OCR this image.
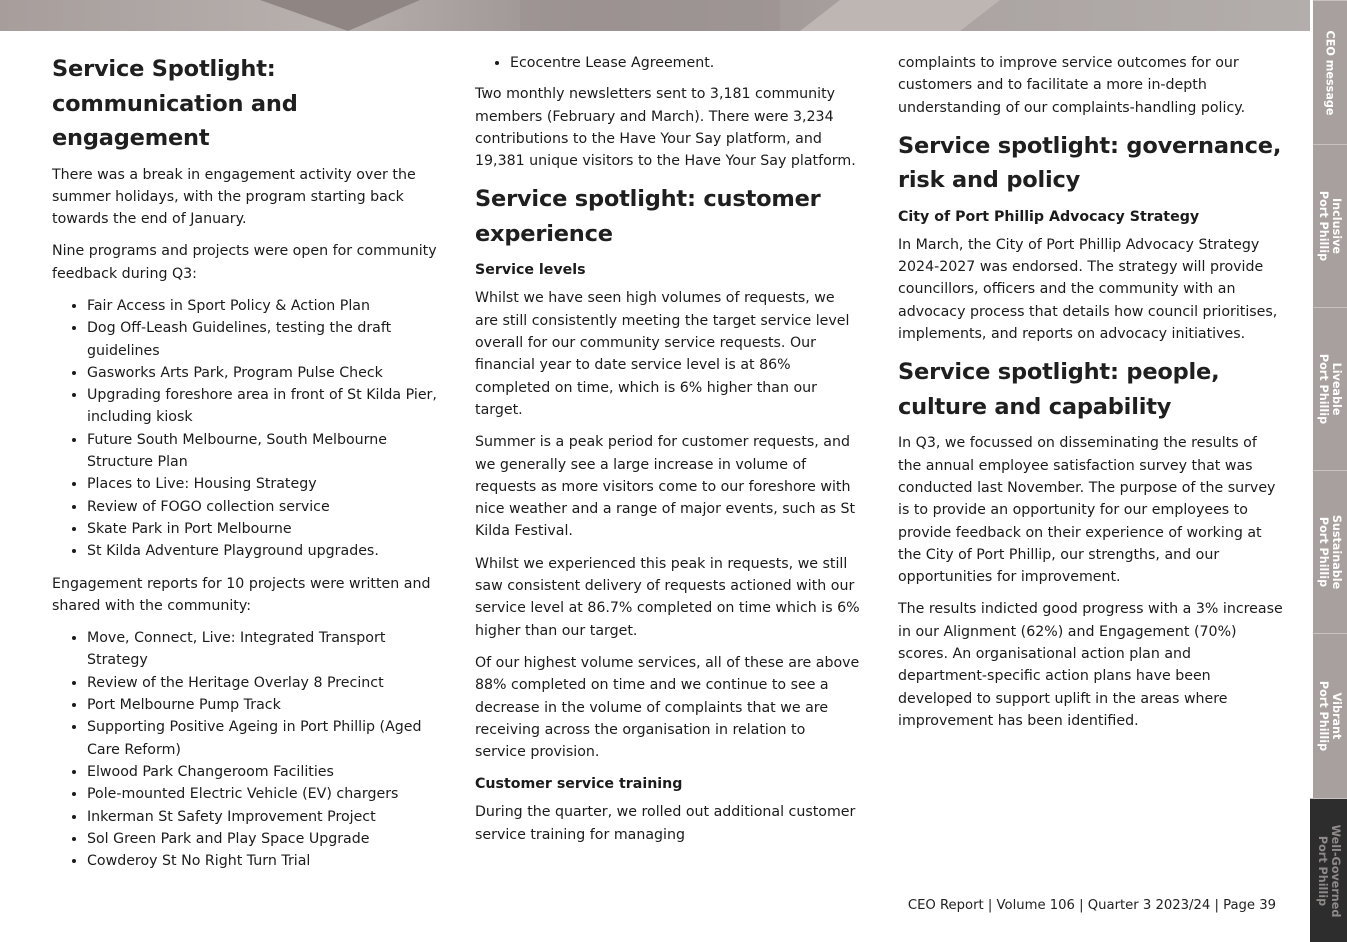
Service Spotlight: communication and engagement

There was a break in engagement activity over the summer holidays, with the program starting back towards the end of January.

Nine programs and projects were open for community feedback during Q3:

• Fair Access in Sport Policy & Action Plan
• Dog Off-Leash Guidelines, testing the draft guidelines
• Gasworks Arts Park, Program Pulse Check
• Upgrading foreshore area in front of St Kilda Pier, including kiosk
• Future South Melbourne, South Melbourne Structure Plan
• Places to Live: Housing Strategy
• Review of FOGO collection service
• Skate Park in Port Melbourne
• St Kilda Adventure Playground upgrades.

Engagement reports for 10 projects were written and shared with the community:

• Move, Connect, Live: Integrated Transport Strategy
• Review of the Heritage Overlay 8 Precinct
• Port Melbourne Pump Track
• Supporting Positive Ageing in Port Phillip (Aged Care Reform)
• Elwood Park Changeroom Facilities
• Pole-mounted Electric Vehicle (EV) chargers
• Inkerman St Safety Improvement Project
• Sol Green Park and Play Space Upgrade
• Cowderoy St No Right Turn Trial
• Ecocentre Lease Agreement.

Two monthly newsletters sent to 3,181 community members (February and March). There were 3,234 contributions to the Have Your Say platform, and 19,381 unique visitors to the Have Your Say platform.

Service spotlight: customer experience
Service levels

Whilst we have seen high volumes of requests, we are still consistently meeting the target service level overall for our community service requests. Our financial year to date service level is at 86% completed on time, which is 6% higher than our target.

Summer is a peak period for customer requests, and we generally see a large increase in volume of requests as more visitors come to our foreshore with nice weather and a range of major events, such as St Kilda Festival.

Whilst we experienced this peak in requests, we still saw consistent delivery of requests actioned with our service level at 86.7% completed on time which is 6% higher than our target.

Of our highest volume services, all of these are above 88% completed on time and we continue to see a decrease in the volume of complaints that we are receiving across the organisation in relation to service provision.

Customer service training

During the quarter, we rolled out additional customer service training for managing

complaints to improve service outcomes for our customers and to facilitate a more in-depth understanding of our complaints-handling policy.

Service spotlight: governance, risk and policy
City of Port Phillip Advocacy Strategy

In March, the City of Port Phillip Advocacy Strategy 2024-2027 was endorsed. The strategy will provide councillors, officers and the community with an advocacy process that details how council prioritises, implements, and reports on advocacy initiatives.

Service spotlight: people, culture and capability

In Q3, we focussed on disseminating the results of the annual employee satisfaction survey that was conducted last November. The purpose of the survey is to provide an opportunity for our employees to provide feedback on their experience of working at the City of Port Phillip, our strengths, and our opportunities for improvement.

The results indicted good progress with a 3% increase in our Alignment (62%) and Engagement (70%) scores. An organisational action plan and department-specific action plans have been developed to support uplift in the areas where improvement has been identified.

CEO Report | Volume 106 | Quarter 3 2023/24 | Page 39
CEO message
Inclusive
Port Phillip
Liveable
Port Phillip
Sustainable
Port Phillip
Vibrant
Port Phillip
Well-Governed
Port Phillip
